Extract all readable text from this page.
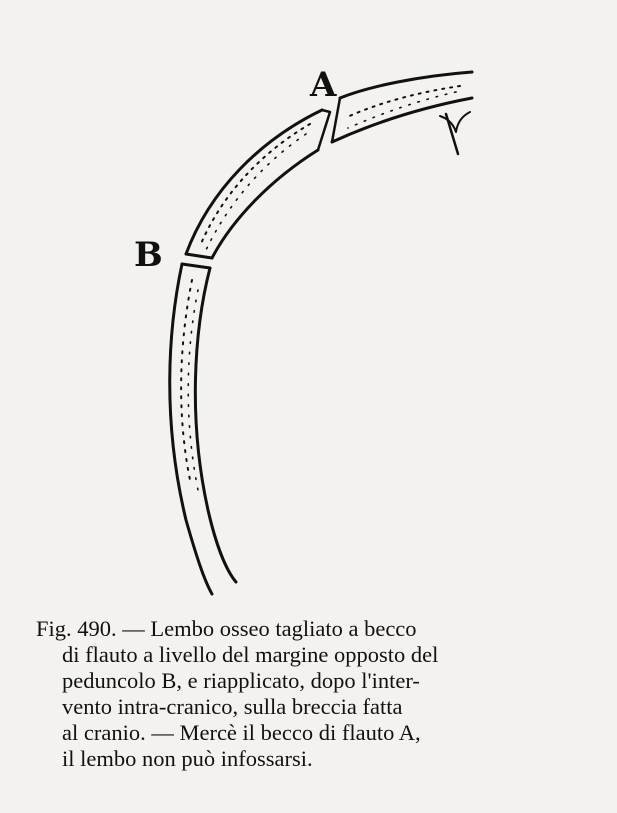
A
B
Fig. 490. — Lembo osseo tagliato a becco
di flauto a livello del margine opposto del
peduncolo B, e riapplicato, dopo l'inter-
vento intra-cranico, sulla breccia fatta
al cranio. — Mercè il becco di flauto A,
il lembo non può infossarsi.
